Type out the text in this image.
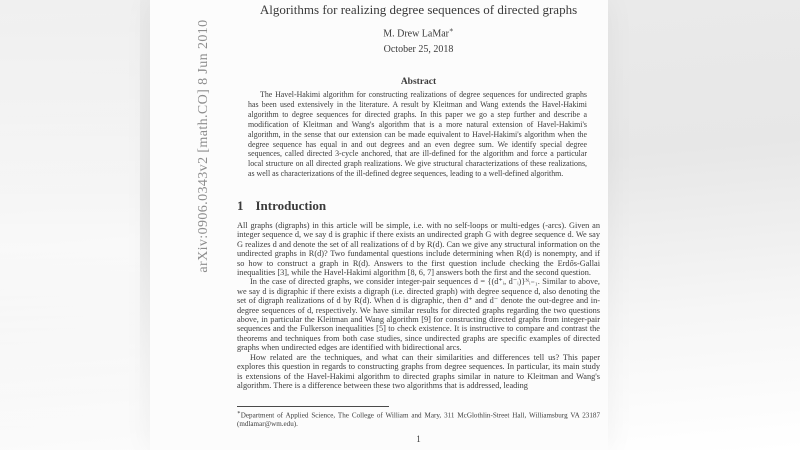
arXiv:0906.0343v2 [math.CO] 8 Jun 2010
Algorithms for realizing degree sequences of directed graphs
M. Drew LaMar∗
October 25, 2018
Abstract
The Havel-Hakimi algorithm for constructing realizations of degree sequences for undirected graphs has been used extensively in the literature. A result by Kleitman and Wang extends the Havel-Hakimi algorithm to degree sequences for directed graphs. In this paper we go a step further and describe a modification of Kleitman and Wang's algorithm that is a more natural extension of Havel-Hakimi's algorithm, in the sense that our extension can be made equivalent to Havel-Hakimi's algorithm when the degree sequence has equal in and out degrees and an even degree sum. We identify special degree sequences, called directed 3-cycle anchored, that are ill-defined for the algorithm and force a particular local structure on all directed graph realizations. We give structural characterizations of these realizations, as well as characterizations of the ill-defined degree sequences, leading to a well-defined algorithm.
1 Introduction

All graphs (digraphs) in this article will be simple, i.e. with no self-loops or multi-edges (-arcs). Given an integer sequence d, we say d is graphic if there exists an undirected graph G with degree sequence d. We say G realizes d and denote the set of all realizations of d by R(d). Can we give any structural information on the undirected graphs in R(d)? Two fundamental questions include determining when R(d) is nonempty, and if so how to construct a graph in R(d). Answers to the first question include checking the Erdős-Gallai inequalities [3], while the Havel-Hakimi algorithm [8, 6, 7] answers both the first and the second question.

In the case of directed graphs, we consider integer-pair sequences d = {(d⁺ᵢ, d⁻ᵢ)}ᴺᵢ₌₁. Similar to above, we say d is digraphic if there exists a digraph (i.e. directed graph) with degree sequence d, also denoting the set of digraph realizations of d by R(d). When d is digraphic, then d⁺ and d⁻ denote the out-degree and in-degree sequences of d, respectively. We have similar results for directed graphs regarding the two questions above, in particular the Kleitman and Wang algorithm [9] for constructing directed graphs from integer-pair sequences and the Fulkerson inequalities [5] to check existence. It is instructive to compare and contrast the theorems and techniques from both case studies, since undirected graphs are specific examples of directed graphs when undirected edges are identified with bidirectional arcs.

How related are the techniques, and what can their similarities and differences tell us? This paper explores this question in regards to constructing graphs from degree sequences. In particular, its main study is extensions of the Havel-Hakimi algorithm to directed graphs similar in nature to Kleitman and Wang's algorithm. There is a difference between these two algorithms that is addressed, leading

∗Department of Applied Science, The College of William and Mary, 311 McGlothlin-Street Hall, Williamsburg VA 23187 (mdlamar@wm.edu).
1
